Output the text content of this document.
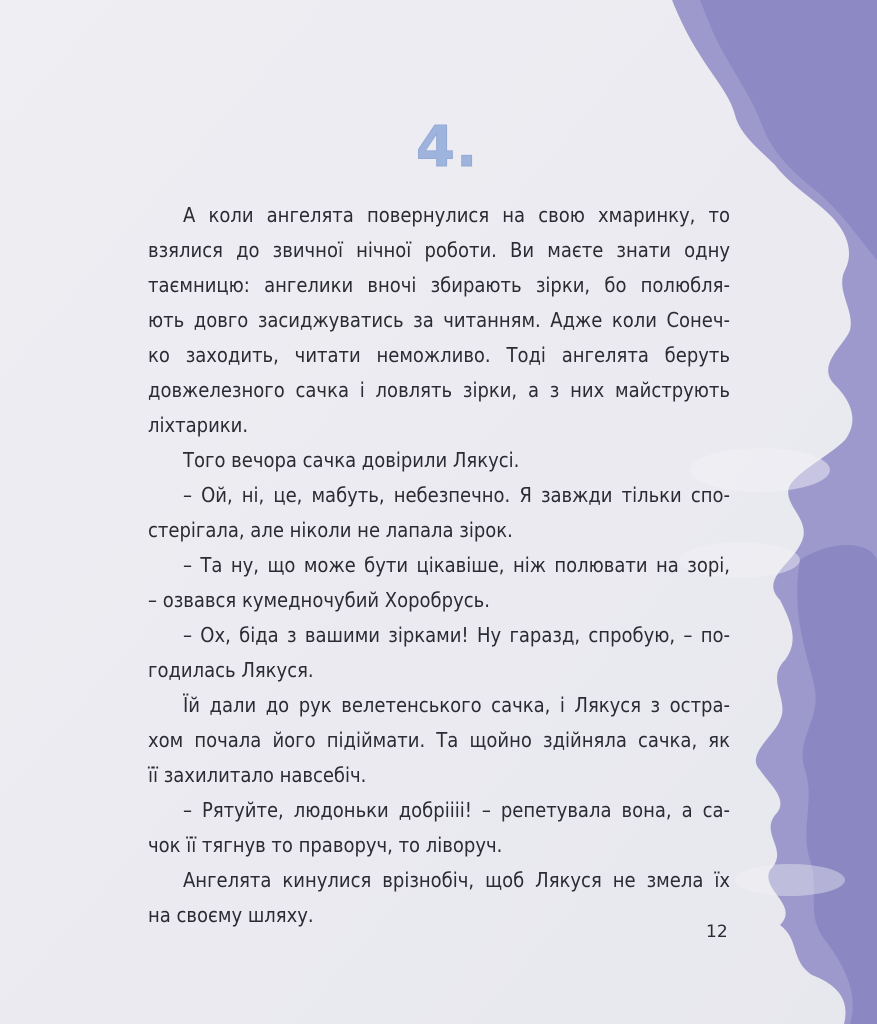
4.

А коли ангелята повернулися на свою хмаринку, то
взялися до звичної нічної роботи. Ви маєте знати одну
таємницю: ангелики вночі збирають зірки, бо полюбля-
ють довго засиджуватись за читанням. Адже коли Сонеч-
ко заходить, читати неможливо. Тоді ангелята беруть
довжелезного сачка і ловлять зірки, а з них майструють
ліхтарики.

Того вечора сачка довірили Лякусі.

– Ой, ні, це, мабуть, небезпечно. Я завжди тільки спо-
стерігала, але ніколи не лапала зірок.

– Та ну, що може бути цікавіше, ніж полювати на зорі,
– озвався кумедночубий Хоробрусь.

– Ох, біда з вашими зірками! Ну гаразд, спробую, – по-
годилась Лякуся.

Їй дали до рук велетенського сачка, і Лякуся з остра-
хом почала його підіймати. Та щойно здійняла сачка, як
її захилитало навсебіч.

– Рятуйте, людоньки добріііі! – репетувала вона, а са-
чок її тягнув то праворуч, то ліворуч.

Ангелята кинулися врізнобіч, щоб Лякуся не змела їх
на своєму шляху.

12
